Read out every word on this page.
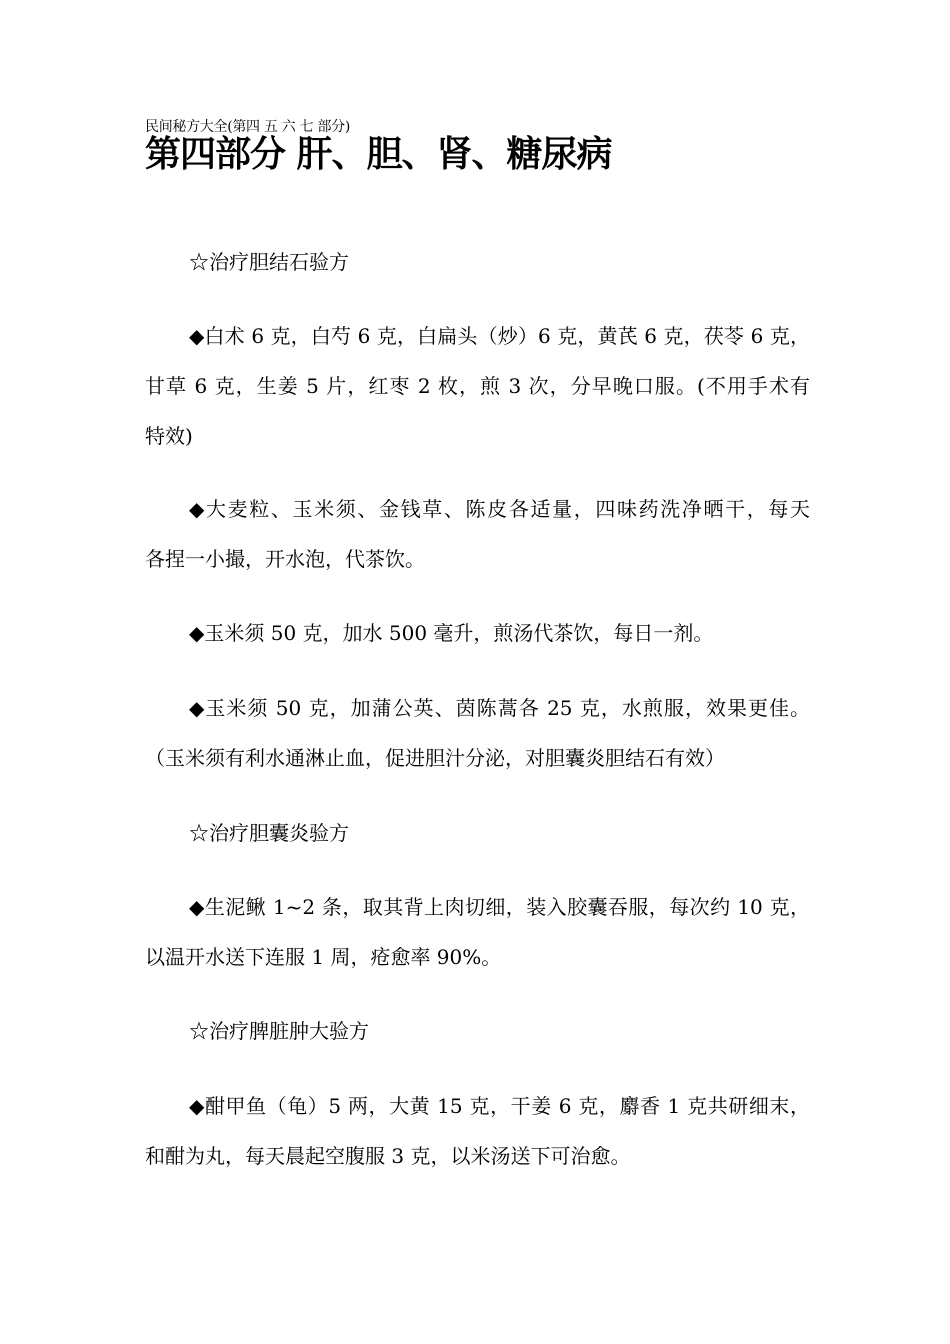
民间秘方大全(第四 五 六 七 部分)
第四部分 肝、胆、肾、糖尿病
☆治疗胆结石验方
◆白术 6 克，白芍 6 克，白扁头（炒）6 克，黄芪 6 克，茯苓 6 克，
甘草 6 克，生姜 5 片，红枣 2 枚，煎 3 次，分早晚口服。(不用手术有
特效)
◆大麦粒、玉米须、金钱草、陈皮各适量，四味药洗净晒干，每天
各捏一小撮，开水泡，代茶饮。
◆玉米须 50 克，加水 500 毫升，煎汤代茶饮，每日一剂。
◆玉米须 50 克，加蒲公英、茵陈蒿各 25 克，水煎服，效果更佳。
（玉米须有利水通淋止血，促进胆汁分泌，对胆囊炎胆结石有效）
☆治疗胆囊炎验方
◆生泥鳅 1~2 条，取其背上肉切细，装入胶囊吞服，每次约 10 克，
以温开水送下连服 1 周，疮愈率 90%。
☆治疗脾脏肿大验方
◆酣甲鱼（龟）5 两，大黄 15 克，干姜 6 克，麝香 1 克共研细末，
和酣为丸，每天晨起空腹服 3 克，以米汤送下可治愈。
